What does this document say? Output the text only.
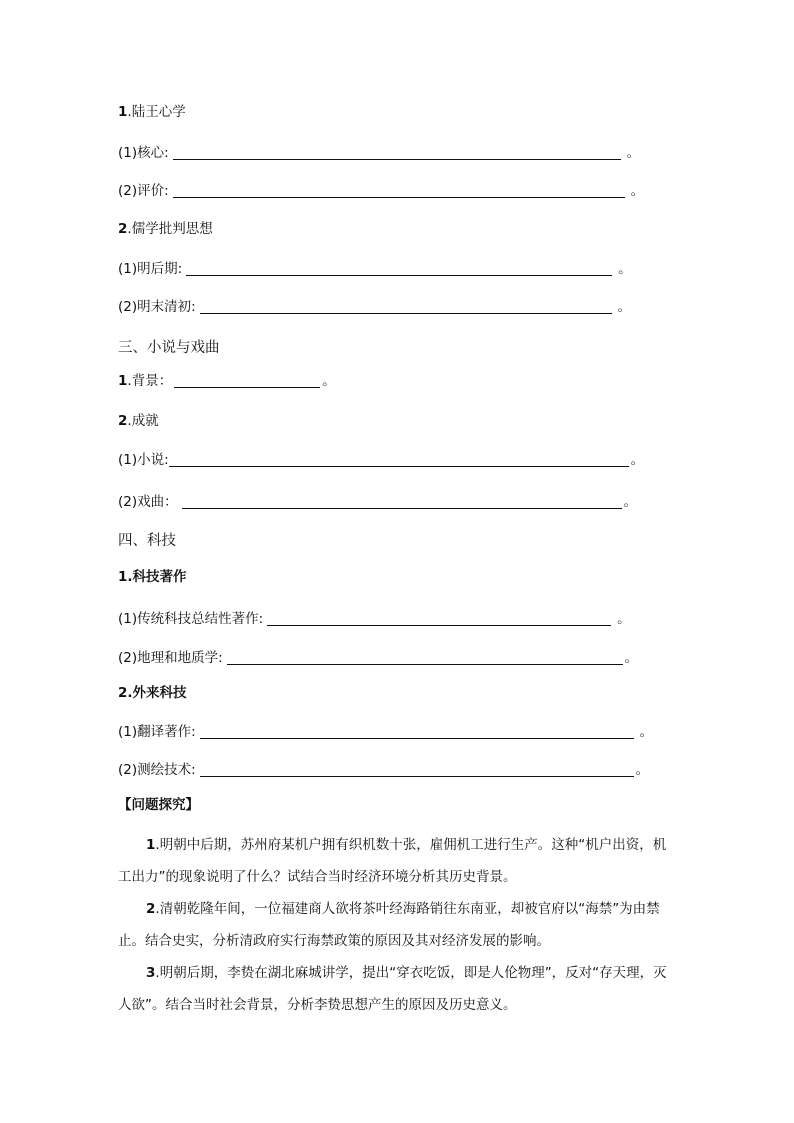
1 .陆王心学
(1)核心:	。
(2)评价:	。
2 .儒学批判思想
(1)明后期:	。
(2)明末清初:	。
三、小说与戏曲
1 .背景：	。
2 .成就
(1)小说:	。
(2)戏曲：	。
四、科技
1.科技著作
(1)传统科技总结性著作:	。
(2)地理和地质学:	。
2.外来科技
(1)翻译著作:	。
(2)测绘技术:	。
【问题探究】

1.明朝中后期，苏州府某机户拥有织机数十张，雇佣机工进行生产。这种“机户出资，机工出力”的现象说明了什么？试结合当时经济环境分析其历史背景。

2.清朝乾隆年间，一位福建商人欲将茶叶经海路销往东南亚，却被官府以“海禁”为由禁止。结合史实，分析清政府实行海禁政策的原因及其对经济发展的影响。

3.明朝后期，李贽在湖北麻城讲学，提出“穿衣吃饭，即是人伦物理”，反对“存天理，灭人欲”。结合当时社会背景，分析李贽思想产生的原因及历史意义。
